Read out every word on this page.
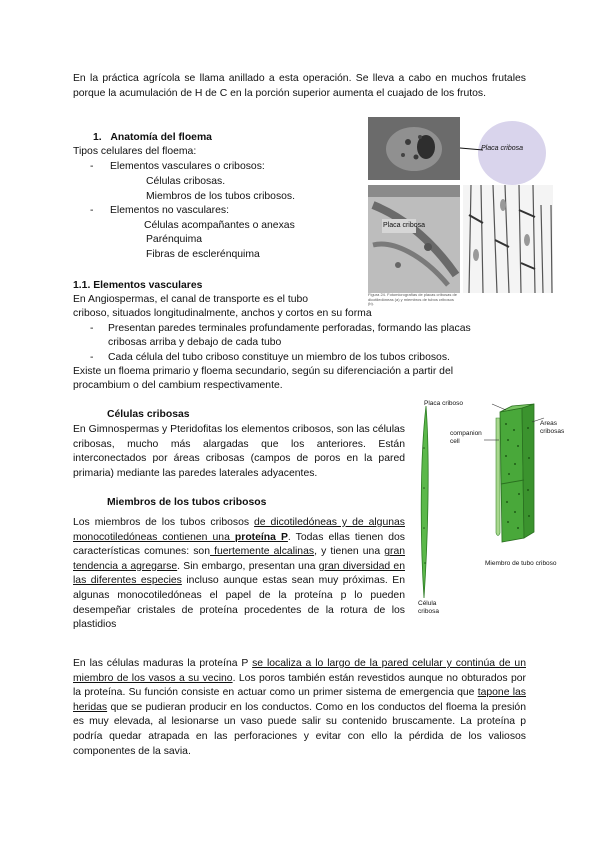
En la práctica agrícola se llama anillado a esta operación. Se lleva a cabo en muchos frutales porque la acumulación de H de C en la porción superior aumenta el cuajado de los frutos.

1. Anatomía del floema

Tipos celulares del floema:

- Elementos vasculares o cribosos:

Células cribosas.

Miembros de los tubos cribosos.

- Elementos no vasculares:

Células acompañantes o anexas

Parénquima

Fibras de esclerénquima

Placa cribosa
Placa cribosa

Figura 24. Fotomicrografías de placas cribosas de dicotiledóneas (a) y miembros de tubos cribosos (b).

1.1. Elementos vasculares

En Angiospermas, el canal de transporte es el tubo

criboso, situados longitudinalmente, anchos y cortos en su forma

- Presentan paredes terminales profundamente perforadas, formando las placas
cribosas arriba y debajo de cada tubo
- Cada célula del tubo criboso constituye un miembro de los tubos cribosos.

Existe un floema primario y floema secundario, según su diferenciación a partir del

procambium o del cambium respectivamente.

Células cribosas

En Gimnospermas y Pteridofitas los elementos cribosos, son las células cribosas, mucho más alargadas que los anteriores. Están interconectados por áreas cribosas (campos de poros en la pared primaria) mediante las paredes laterales adyacentes.

Miembros de los tubos cribosos

Los miembros de los tubos cribosos de dicotiledóneas y de algunas monocotiledóneas contienen una proteína P. Todas ellas tienen dos características comunes: son fuertemente alcalinas, y tienen una gran tendencia a agregarse. Sin embargo, presentan una gran diversidad en las diferentes especies incluso aunque estas sean muy próximas. En algunas monocotiledóneas el papel de la proteína p lo pueden desempeñar cristales de proteína procedentes de la rotura de los plastidios

Placa criboso
companion cell
Areas cribosas
Miembro de tubo criboso
Célula cribosa

En las células maduras la proteína P se localiza a lo largo de la pared celular y continúa de un miembro de los vasos a su vecino. Los poros también están revestidos aunque no obturados por la proteína. Su función consiste en actuar como un primer sistema de emergencia que tapone las heridas que se pudieran producir en los conductos. Como en los conductos del floema la presión es muy elevada, al lesionarse un vaso puede salir su contenido bruscamente. La proteína p podría quedar atrapada en las perforaciones y evitar con ello la pérdida de los valiosos componentes de la savia.
